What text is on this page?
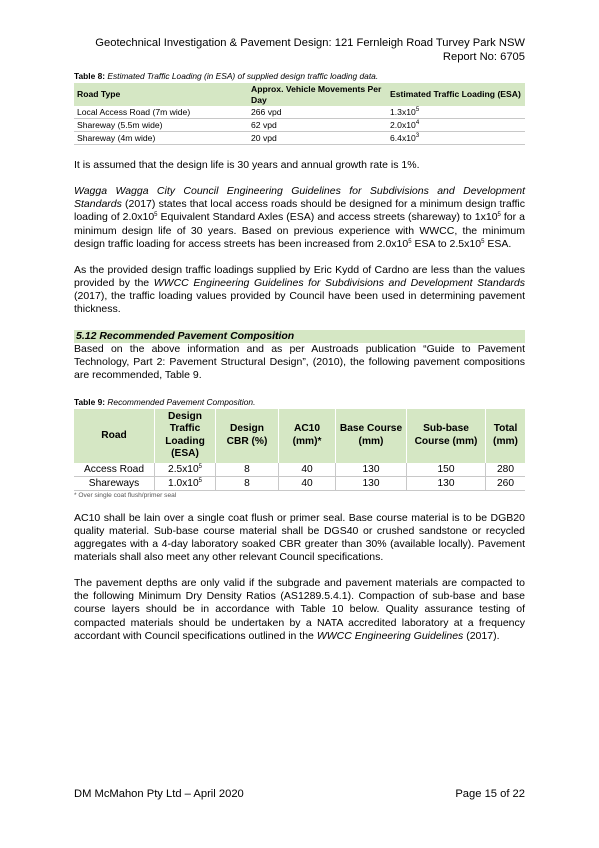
Geotechnical Investigation & Pavement Design: 121 Fernleigh Road Turvey Park NSW
Report No: 6705
Table 8: Estimated Traffic Loading (in ESA) of supplied design traffic loading data.
Road Type	Approx. Vehicle Movements Per Day	Estimated Traffic Loading (ESA)
Local Access Road (7m wide)	266 vpd	$1.3x10^5$
Shareway (5.5m wide)	62 vpd	$2.0x10^4$
Shareway (4m wide)	20 vpd	$6.4x10^3$

It is assumed that the design life is 30 years and annual growth rate is 1%.

Wagga Wagga City Council Engineering Guidelines for Subdivisions and Development Standards (2017) states that local access roads should be designed for a minimum design traffic loading of $2.0x10^5$ Equivalent Standard Axles (ESA) and access streets (shareway) to $1x10^5$ for a minimum design life of 30 years. Based on previous experience with WWCC, the minimum design traffic loading for access streets has been increased from $2.0x10^5$ ESA to $2.5x10^5$ ESA.

As the provided design traffic loadings supplied by Eric Kydd of Cardno are less than the values provided by the WWCC Engineering Guidelines for Subdivisions and Development Standards (2017), the traffic loading values provided by Council have been used in determining pavement thickness.

5.12 Recommended Pavement Composition

Based on the above information and as per Austroads publication “Guide to Pavement Technology, Part 2: Pavement Structural Design”, (2010), the following pavement compositions are recommended, Table 9.

Table 9: Recommended Pavement Composition.
Road	Design Traffic Loading (ESA)	Design CBR (%)	AC10 (mm)*	Base Course (mm)	Sub-base Course (mm)	Total (mm)
Access Road	$2.5x10^5$	8	40	130	150	280
Shareways	$1.0x10^5$	8	40	130	130	260
* Over single coat flush/primer seal

AC10 shall be lain over a single coat flush or primer seal. Base course material is to be DGB20 quality material. Sub-base course material shall be DGS40 or crushed sandstone or recycled aggregates with a 4-day laboratory soaked CBR greater than 30% (available locally). Pavement materials shall also meet any other relevant Council specifications.

The pavement depths are only valid if the subgrade and pavement materials are compacted to the following Minimum Dry Density Ratios (AS1289.5.4.1). Compaction of sub-base and base course layers should be in accordance with Table 10 below. Quality assurance testing of compacted materials should be undertaken by a NATA accredited laboratory at a frequency accordant with Council specifications outlined in the WWCC Engineering Guidelines (2017).

DM McMahon Pty Ltd – April 2020	Page 15 of 22
